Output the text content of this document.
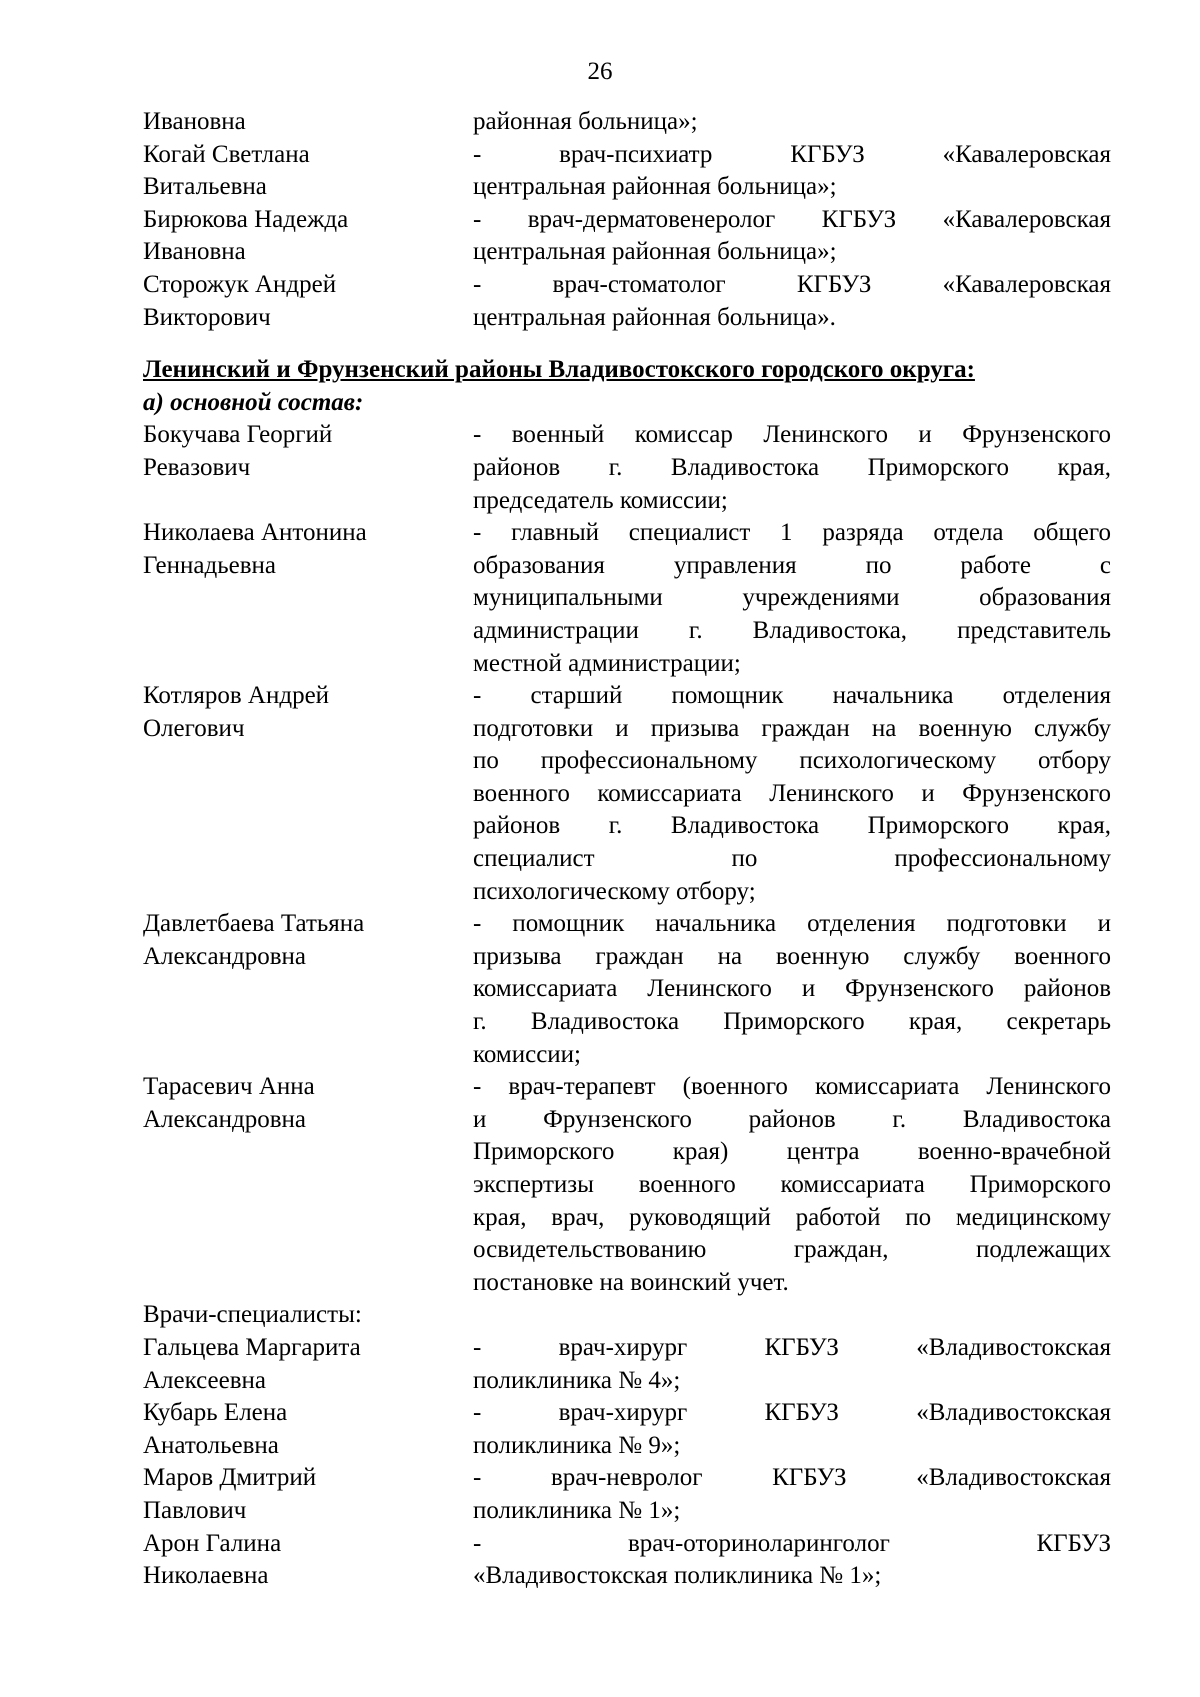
26
Ивановна	районная больница»;
Когай Светлана
Витальевна
- врач-психиатр КГБУЗ «Кавалеровская
центральная районная больница»;
Бирюкова Надежда
Ивановна
- врач-дерматовенеролог КГБУЗ «Кавалеровская
центральная районная больница»;
Сторожук Андрей
Викторович
- врач-стоматолог КГБУЗ «Кавалеровская
центральная районная больница».
Ленинский и Фрунзенский районы Владивостокского городского округа:
а) основной состав:
Бокучава Георгий
Ревазович
- военный комиссар Ленинского и Фрунзенского
районов г. Владивостока Приморского края,
председатель комиссии;
Николаева Антонина
Геннадьевна
- главный специалист 1 разряда отдела общего
образования управления по работе с
муниципальными учреждениями образования
администрации г. Владивостока, представитель
местной администрации;
Котляров Андрей
Олегович
- старший помощник начальника отделения
подготовки и призыва граждан на военную службу
по профессиональному психологическому отбору
военного комиссариата Ленинского и Фрунзенского
районов г. Владивостока Приморского края,
специалист по профессиональному
психологическому отбору;
Давлетбаева Татьяна
Александровна
- помощник начальника отделения подготовки и
призыва граждан на военную службу военного
комиссариата Ленинского и Фрунзенского районов
г. Владивостока Приморского края, секретарь
комиссии;
Тарасевич Анна
Александровна
- врач-терапевт (военного комиссариата Ленинского
и Фрунзенского районов г. Владивостока
Приморского края) центра военно-врачебной
экспертизы военного комиссариата Приморского
края, врач, руководящий работой по медицинскому
освидетельствованию граждан, подлежащих
постановке на воинский учет.
Врачи-специалисты:
Гальцева Маргарита
Алексеевна
- врач-хирург КГБУЗ «Владивостокская
поликлиника № 4»;
Кубарь Елена
Анатольевна
- врач-хирург КГБУЗ «Владивостокская
поликлиника № 9»;
Маров Дмитрий
Павлович
- врач-невролог КГБУЗ «Владивостокская
поликлиника № 1»;
Арон Галина
Николаевна
- врач-оториноларинголог КГБУЗ
«Владивостокская поликлиника № 1»;
